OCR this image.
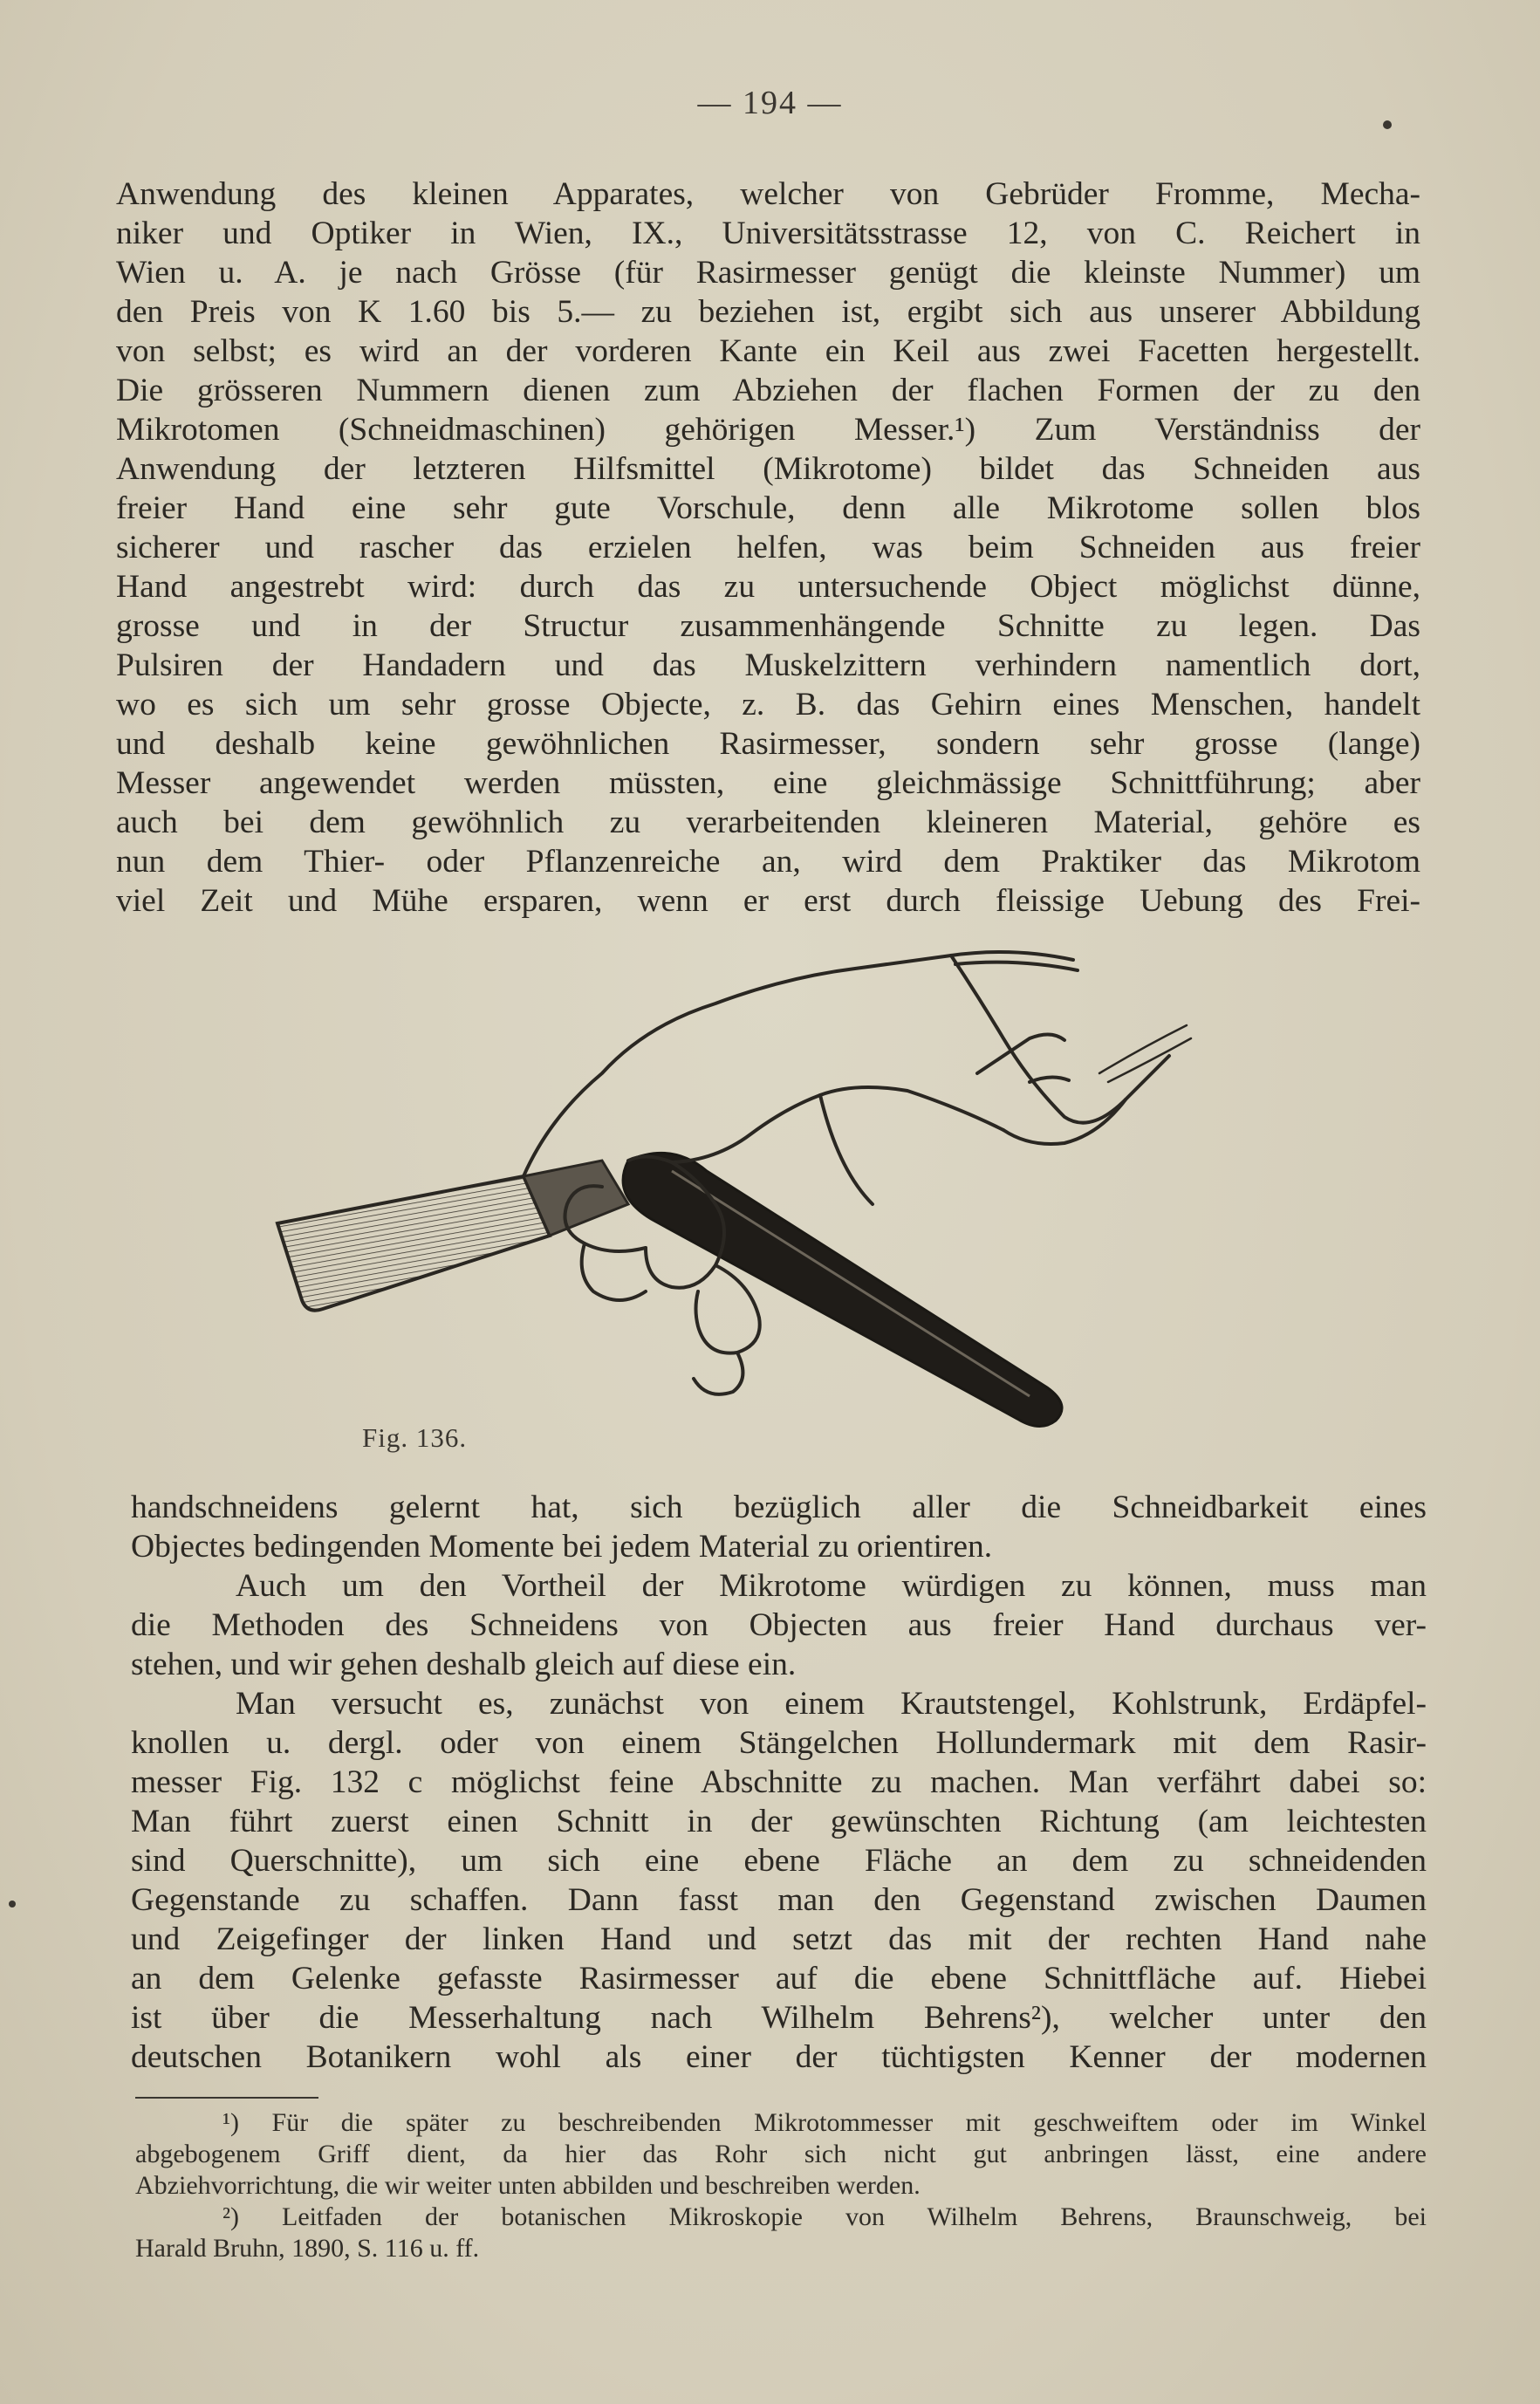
— 194 —
Anwendung des kleinen Apparates, welcher von Gebrüder Fromme, Mecha-
niker und Optiker in Wien, IX., Universitätsstrasse 12, von C. Reichert in
Wien u. A. je nach Grösse (für Rasirmesser genügt die kleinste Nummer) um
den Preis von K 1.60 bis 5.— zu beziehen ist, ergibt sich aus unserer Abbildung
von selbst; es wird an der vorderen Kante ein Keil aus zwei Facetten hergestellt.
Die grösseren Nummern dienen zum Abziehen der flachen Formen der zu den
Mikrotomen (Schneidmaschinen) gehörigen Messer.¹) Zum Verständniss der
Anwendung der letzteren Hilfsmittel (Mikrotome) bildet das Schneiden aus
freier Hand eine sehr gute Vorschule, denn alle Mikrotome sollen blos
sicherer und rascher das erzielen helfen, was beim Schneiden aus freier
Hand angestrebt wird: durch das zu untersuchende Object möglichst dünne,
grosse und in der Structur zusammenhängende Schnitte zu legen. Das
Pulsiren der Handadern und das Muskelzittern verhindern namentlich dort,
wo es sich um sehr grosse Objecte, z. B. das Gehirn eines Menschen, handelt
und deshalb keine gewöhnlichen Rasirmesser, sondern sehr grosse (lange)
Messer angewendet werden müssten, eine gleichmässige Schnittführung; aber
auch bei dem gewöhnlich zu verarbeitenden kleineren Material, gehöre es
nun dem Thier- oder Pflanzenreiche an, wird dem Praktiker das Mikrotom
viel Zeit und Mühe ersparen, wenn er erst durch fleissige Uebung des Frei-
Fig. 136.
handschneidens gelernt hat, sich bezüglich aller die Schneidbarkeit eines
Objectes bedingenden Momente bei jedem Material zu orientiren.
Auch um den Vortheil der Mikrotome würdigen zu können, muss man
die Methoden des Schneidens von Objecten aus freier Hand durchaus ver-
stehen, und wir gehen deshalb gleich auf diese ein.
Man versucht es, zunächst von einem Krautstengel, Kohlstrunk, Erdäpfel-
knollen u. dergl. oder von einem Stängelchen Hollundermark mit dem Rasir-
messer Fig. 132 c möglichst feine Abschnitte zu machen. Man verfährt dabei so:
Man führt zuerst einen Schnitt in der gewünschten Richtung (am leichtesten
sind Querschnitte), um sich eine ebene Fläche an dem zu schneidenden
Gegenstande zu schaffen. Dann fasst man den Gegenstand zwischen Daumen
und Zeigefinger der linken Hand und setzt das mit der rechten Hand nahe
an dem Gelenke gefasste Rasirmesser auf die ebene Schnittfläche auf. Hiebei
ist über die Messerhaltung nach Wilhelm Behrens²), welcher unter den
deutschen Botanikern wohl als einer der tüchtigsten Kenner der modernen
¹) Für die später zu beschreibenden Mikrotommesser mit geschweiftem oder im Winkel
abgebogenem Griff dient, da hier das Rohr sich nicht gut anbringen lässt, eine andere
Abziehvorrichtung, die wir weiter unten abbilden und beschreiben werden.
²) Leitfaden der botanischen Mikroskopie von Wilhelm Behrens, Braunschweig, bei
Harald Bruhn, 1890, S. 116 u. ff.
